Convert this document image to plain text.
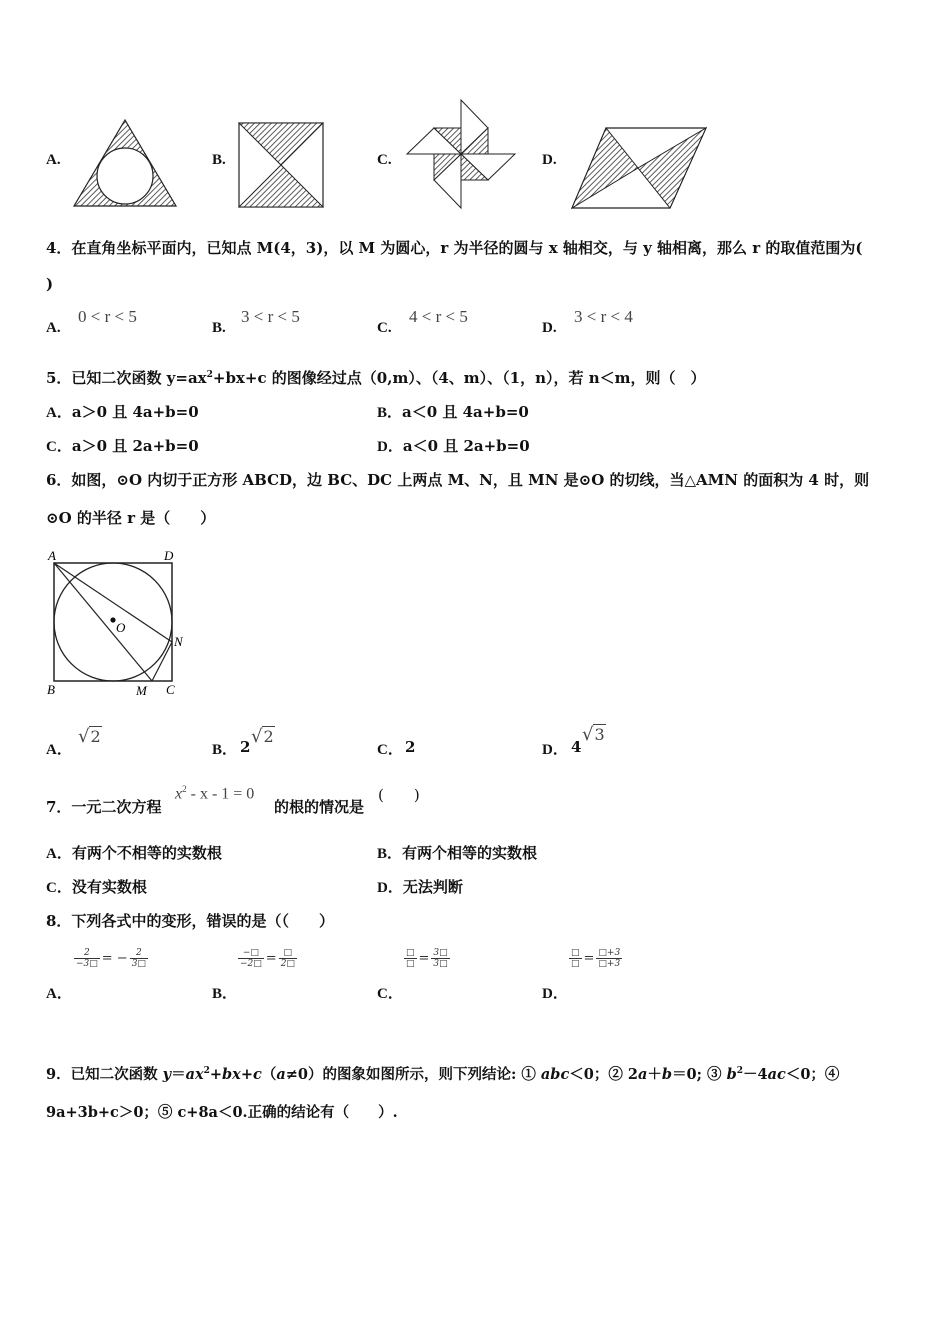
A.	B.	C.	D.
4．在直角坐标平面内，已知点 M(4，3)，以 M 为圆心，r 为半径的圆与 x 轴相交，与 y 轴相离，那么 r 的取值范围为(
)
A.
0 < r < 5
B.
3 < r < 5
C.
4 < r < 5
D.
3 < r < 4
5．已知二次函数 $y=ax^2+bx+c$ 的图像经过点（0,m）、（4、m）、（1，n），若 n＜m，则（　）
A．a＞0 且 4a+b=0	B．a＜0 且 4a+b=0
C．a＞0 且 2a+b=0	D．a＜0 且 2a+b=0
6．如图，⊙O 内切于正方形 ABCD，边 BC、DC 上两点 M、N，且 MN 是⊙O 的切线，当△AMN 的面积为 4 时，则
⊙O 的半径 r 是（　　）
A	D
B	C
O
N
M
A．
√2
B． 2 √2
C． 2	D． 4
√3
7．一元二次方程
$x^2 - x - 1 = 0$
的根的情况是
(　　)
A．有两个不相等的实数根	B．有两个相等的实数根
C．没有实数根	D．无法判断
8．下列各式中的变形，错误的是（（　　）
A．
$\frac{2}{-3□}$ = − $\frac{2}{3□}$
B．
$\frac{-□}{-2□} = \frac{□}{2□}$
C．
$\frac{□}{□} = \frac{3□}{3□}$
D．
$\frac{□}{□} = \frac{□+3}{□+3}$
9．已知二次函数 $y=ax^2+bx+c(a\ne 0)$的图象如图所示，则下列结论: ① abc＜0；② 2a＋b＝0; ③ $b^2-4ac<0$；④
9a+3b+c＞0；⑤ c+8a＜0.正确的结论有（　　）.
